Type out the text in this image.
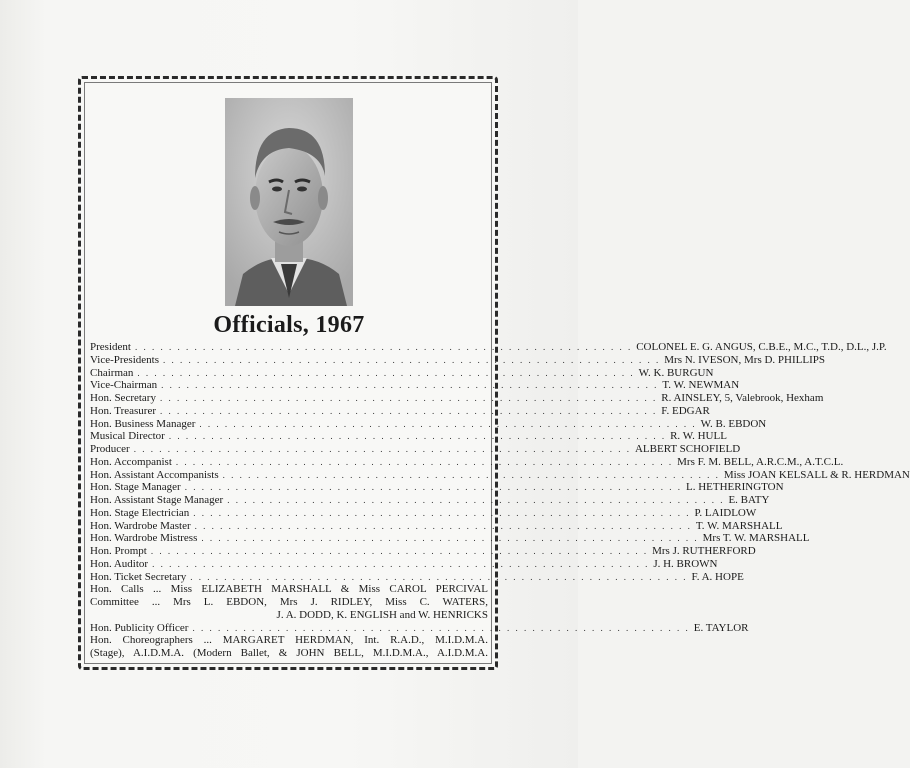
Officials, 1967
President . . . . . . . . . . . . . . . . . . . . . . . . . . . . . . . . . . . . . . . . . . . . . . . . . . . . . . . . . . . COLONEL E. G. ANGUS, C.B.E., M.C., T.D., D.L., J.P.
Vice-Presidents . . . . . . . . . . . . . . . . . . . . . . . . . . . . . . . . . . . . . . . . . . . . . . . . . . . . . . . . . . . Mrs N. IVESON, Mrs D. PHILLIPS
Chairman . . . . . . . . . . . . . . . . . . . . . . . . . . . . . . . . . . . . . . . . . . . . . . . . . . . . . . . . . . . W. K. BURGUN
Vice-Chairman . . . . . . . . . . . . . . . . . . . . . . . . . . . . . . . . . . . . . . . . . . . . . . . . . . . . . . . . . . . T. W. NEWMAN
Hon. Secretary . . . . . . . . . . . . . . . . . . . . . . . . . . . . . . . . . . . . . . . . . . . . . . . . . . . . . . . . . . . R. AINSLEY, 5, Valebrook, Hexham
Hon. Treasurer . . . . . . . . . . . . . . . . . . . . . . . . . . . . . . . . . . . . . . . . . . . . . . . . . . . . . . . . . . . F. EDGAR
Hon. Business Manager . . . . . . . . . . . . . . . . . . . . . . . . . . . . . . . . . . . . . . . . . . . . . . . . . . . . . . . . . . . W. B. EBDON
Musical Director . . . . . . . . . . . . . . . . . . . . . . . . . . . . . . . . . . . . . . . . . . . . . . . . . . . . . . . . . . . R. W. HULL
Producer . . . . . . . . . . . . . . . . . . . . . . . . . . . . . . . . . . . . . . . . . . . . . . . . . . . . . . . . . . . ALBERT SCHOFIELD
Hon. Accompanist . . . . . . . . . . . . . . . . . . . . . . . . . . . . . . . . . . . . . . . . . . . . . . . . . . . . . . . . . . . Mrs F. M. BELL, A.R.C.M., A.T.C.L.
Hon. Assistant Accompanists . . . . . . . . . . . . . . . . . . . . . . . . . . . . . . . . . . . . . . . . . . . . . . . . . . . . . . . . . . . Miss JOAN KELSALL & R. HERDMAN
Hon. Stage Manager . . . . . . . . . . . . . . . . . . . . . . . . . . . . . . . . . . . . . . . . . . . . . . . . . . . . . . . . . . . L. HETHERINGTON
Hon. Assistant Stage Manager . . . . . . . . . . . . . . . . . . . . . . . . . . . . . . . . . . . . . . . . . . . . . . . . . . . . . . . . . . . E. BATY
Hon. Stage Electrician . . . . . . . . . . . . . . . . . . . . . . . . . . . . . . . . . . . . . . . . . . . . . . . . . . . . . . . . . . . P. LAIDLOW
Hon. Wardrobe Master . . . . . . . . . . . . . . . . . . . . . . . . . . . . . . . . . . . . . . . . . . . . . . . . . . . . . . . . . . . T. W. MARSHALL
Hon. Wardrobe Mistress . . . . . . . . . . . . . . . . . . . . . . . . . . . . . . . . . . . . . . . . . . . . . . . . . . . . . . . . . . . Mrs T. W. MARSHALL
Hon. Prompt . . . . . . . . . . . . . . . . . . . . . . . . . . . . . . . . . . . . . . . . . . . . . . . . . . . . . . . . . . . Mrs J. RUTHERFORD
Hon. Auditor . . . . . . . . . . . . . . . . . . . . . . . . . . . . . . . . . . . . . . . . . . . . . . . . . . . . . . . . . . . J. H. BROWN
Hon. Ticket Secretary . . . . . . . . . . . . . . . . . . . . . . . . . . . . . . . . . . . . . . . . . . . . . . . . . . . . . . . . . . . F. A. HOPE
Hon. Calls ... Miss ELIZABETH MARSHALL & Miss CAROL PERCIVAL
Committee ... Mrs L. EBDON, Mrs J. RIDLEY, Miss C. WATERS,
J. A. DODD, K. ENGLISH and W. HENRICKS
Hon. Publicity Officer . . . . . . . . . . . . . . . . . . . . . . . . . . . . . . . . . . . . . . . . . . . . . . . . . . . . . . . . . . . E. TAYLOR
Hon. Choreographers ... MARGARET HERDMAN, Int. R.A.D., M.I.D.M.A.
(Stage), A.I.D.M.A. (Modern Ballet, & JOHN BELL, M.I.D.M.A., A.I.D.M.A.
